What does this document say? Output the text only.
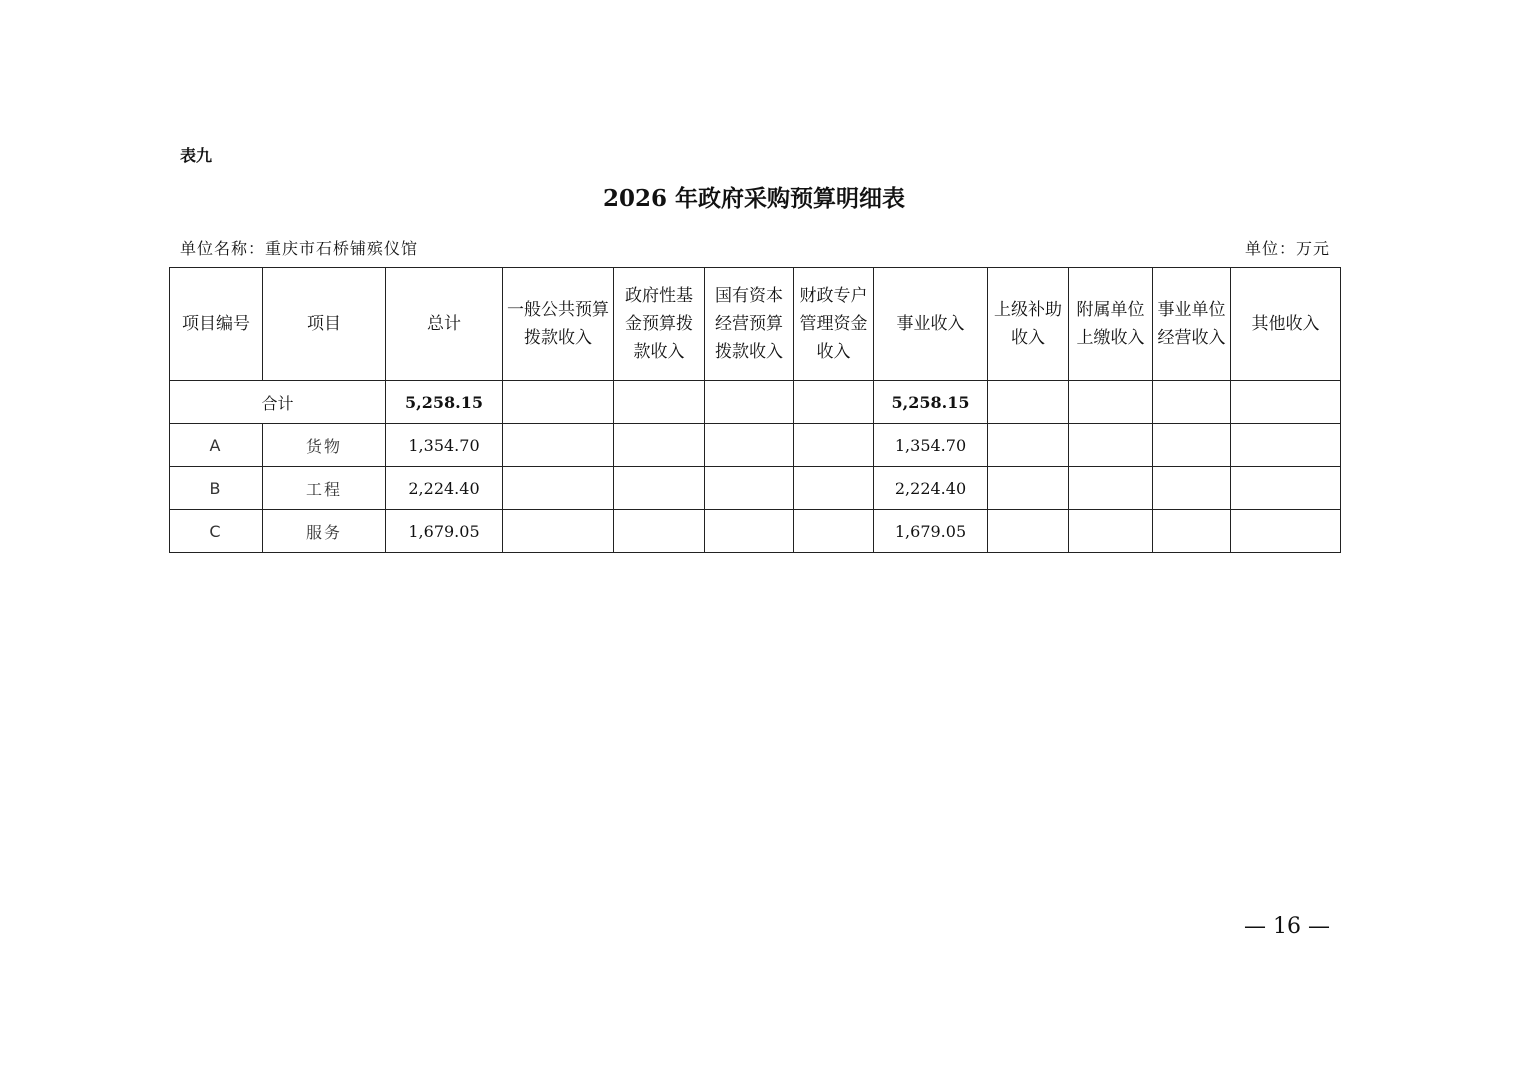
表九
2026 年政府采购预算明细表
单位名称：重庆市石桥铺殡仪馆	单位：万元
项目编号	项目	总计	一般公共预算拨款收入	政府性基金预算拨款收入	国有资本经营预算拨款收入	财政专户管理资金收入	事业收入	上级补助收入	附属单位上缴收入	事业单位经营收入	其他收入
合计		5,258.15					5,258.15				
A	货物	1,354.70					1,354.70				
B	工程	2,224.40					2,224.40				
C	服务	1,679.05					1,679.05				
— 16 —
